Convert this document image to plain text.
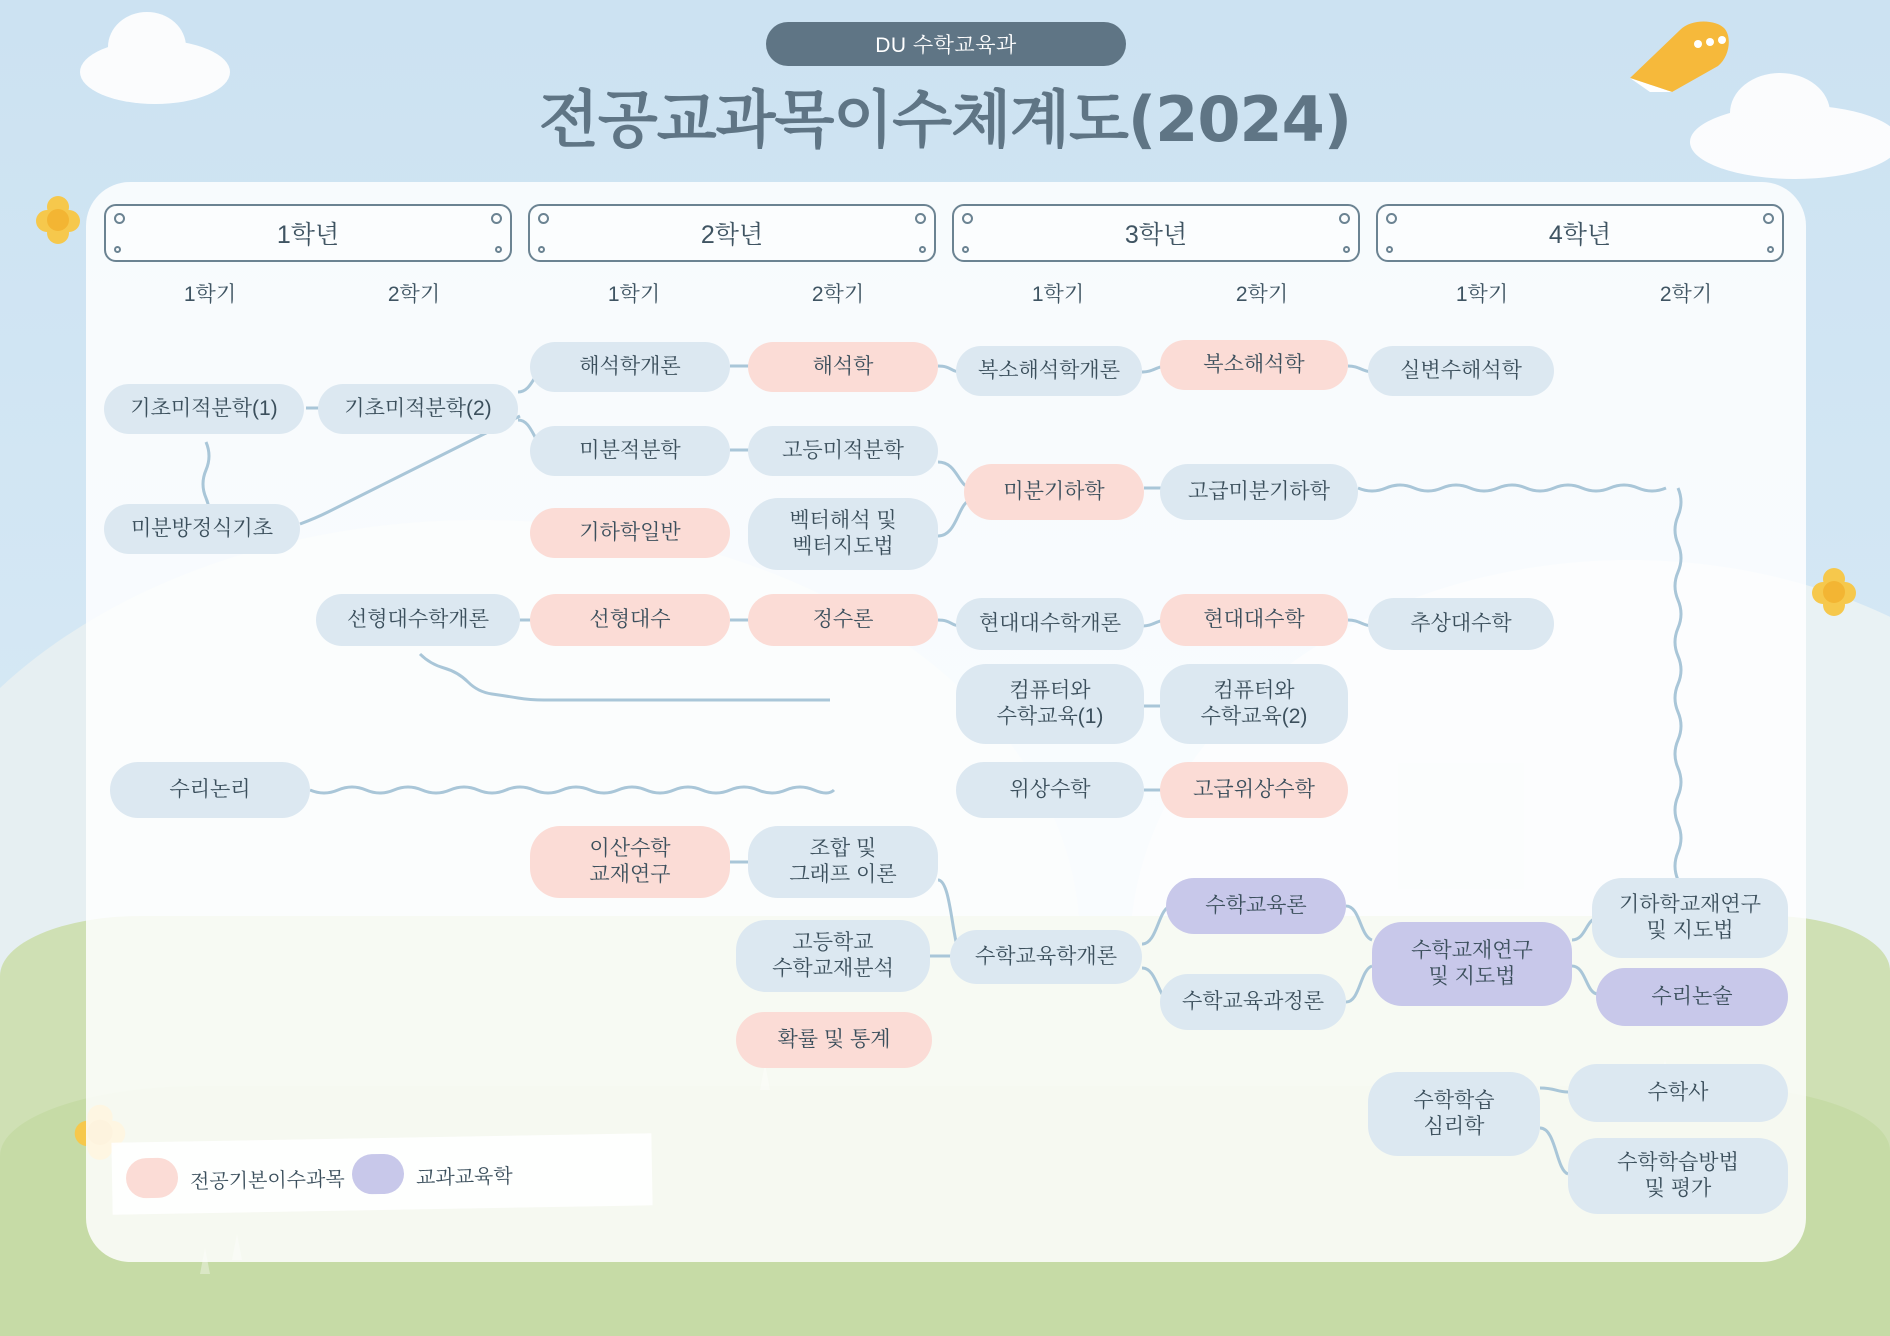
DU 수학교육과
전공교과목이수체계도(2024)
1학년	2학년	3학년	4학년
1학기	2학기	1학기	2학기	1학기	2학기	1학기	2학기
기초미적분학(1)	기초미적분학(2)
미분방정식기초
해석학개론	해석학	복소해석학개론	복소해석학	실변수해석학
미분적분학	고등미적분학
기하학일반
벡터해석 및
벡터지도법
미분기하학	고급미분기하학
선형대수학개론	선형대수	정수론	현대대수학개론	현대대수학	추상대수학
컴퓨터와
수학교육(1)
컴퓨터와
수학교육(2)
수리논리	위상수학	고급위상수학
이산수학
교재연구
조합 및
그래프 이론
수학교육론
고등학교
수학교재분석
수학교육학개론
수학교육과정론
수학교재연구
및 지도법
기하학교재연구
및 지도법
수리논술
확률 및 통계
수학학습
심리학
수학사
수학학습방법
및 평가
전공기본이수과목	교과교육학
